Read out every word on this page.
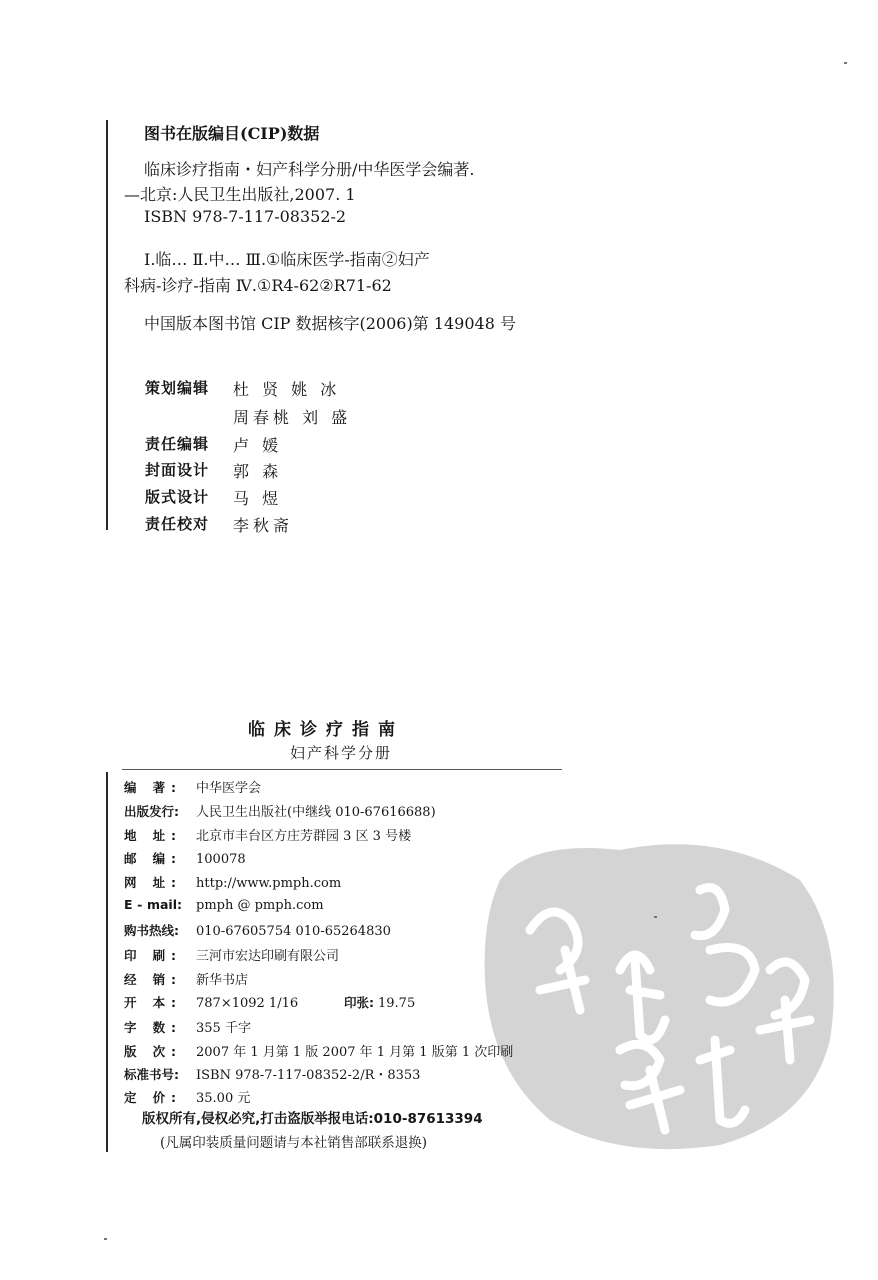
图书在版编目(CIP)数据
临床诊疗指南・妇产科学分册/中华医学会编著.
—北京:人民卫生出版社,2007. 1
ISBN 978-7-117-08352-2
Ⅰ.临… Ⅱ.中… Ⅲ.①临床医学-指南②妇产
科病-诊疗-指南 Ⅳ.①R4-62②R71-62
中国版本图书馆 CIP 数据核字(2006)第 149048 号
策划编辑 杜 贤 姚 冰
周春桃 刘 盛
责任编辑 卢 媛
封面设计 郭 森
版式设计 马 煜
责任校对 李秋斋
临床诊疗指南
妇产科学分册
编 著: 中华医学会
出版发行: 人民卫生出版社(中继线 010-67616688)
地 址: 北京市丰台区方庄芳群园 3 区 3 号楼
邮 编: 100078
网 址: http://www.pmph.com
E - mail: pmph @ pmph.com
购书热线: 010-67605754 010-65264830
印 刷: 三河市宏达印刷有限公司
经 销: 新华书店
开 本: 787×1092 1/16	印张: 19.75
字 数: 355 千字
版 次: 2007 年 1 月第 1 版 2007 年 1 月第 1 版第 1 次印刷
标准书号: ISBN 978-7-117-08352-2/R・8353
定 价: 35.00 元
版权所有,侵权必究,打击盗版举报电话:010-87613394
(凡属印装质量问题请与本社销售部联系退换)
